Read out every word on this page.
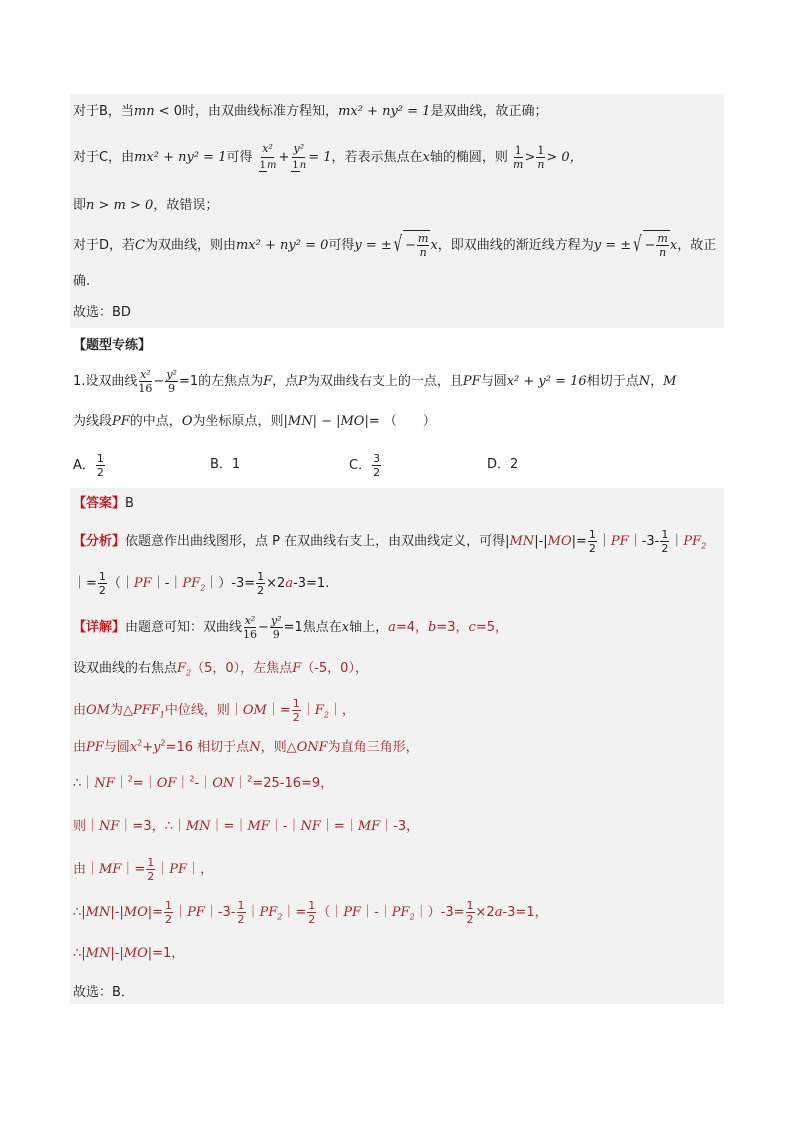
对于B，当mn < 0时，由双曲线标准方程知，mx² + ny² = 1是双曲线，故正确；
对于C，由mx² + ny² = 1可得 $\frac{\text{x²}}{1m} + \frac{\text{y²}}{1n} = 1$，若表示焦点在x轴的椭圆，则 $\frac{1}{m} > \frac{1}{n} > 0$，
即n > m > 0，故错误；
对于D，若C为双曲线，则由mx² + ny² = 0可得y = ± √ − $\frac{m}{n}$ x，即双曲线的渐近线方程为y = ± √ − $\frac{m}{n}$ x，故正
确.
故选：BD
【题型专练】
1.设双曲线 $\frac{\text{x²}}{16} - \frac{\text{y²}}{9} =1$的左焦点为F，点P为双曲线右支上的一点，且PF与圆x² + y² = 16相切于点N，M
为线段PF的中点，O为坐标原点，则|MN| − |MO|= （　　）
A． $\frac{1}{2}$	B．1	C． $\frac{3}{2}$	D．2
【答案】B
【分析】依题意作出曲线图形，点 P 在双曲线右支上，由双曲线定义，可得$|MN|-|MO|= \frac{1}{2}$ ｜PF｜-3- $\frac{1}{2}$ $|PF_2$
｜= $\frac{1}{2}$ $(|PF|-|PF_2|)-3= \frac{1}{2} \times 2a-3=1$.
【详解】由题意可知：双曲线 $\frac{\text{x²}}{16} - \frac{\text{y²}}{9} =1$焦点在x轴上，a=4，b=3，c=5，
设双曲线的右焦点$F_2(5$，0），左焦点F（-5，0），
由OM为$\triangle PFF_1$中位线，则｜OM｜= $\frac{1}{2}$ $|F_2|$，
由PF与圆$x^2+y^2=16$ 相切于点N，则△ONF为直角三角形，
∴｜NF｜$^2$=｜OF｜$^2$-｜ON｜$^2$=25-16=9，
则｜NF｜=3，∴｜MN｜=｜MF｜-｜NF｜=｜MF｜-3，
由｜MF｜= $\frac{1}{2}$ ｜PF｜，
∴|MN|-|MO|= $\frac{1}{2}$ ｜PF｜-3- $\frac{1}{2}$ $|PF_2|= \frac{1}{2}$ $(|PF|-|PF_2|)-3= \frac{1}{2} \times 2a-3=1$，
∴|MN|-|MO|=1，
故选：B．
